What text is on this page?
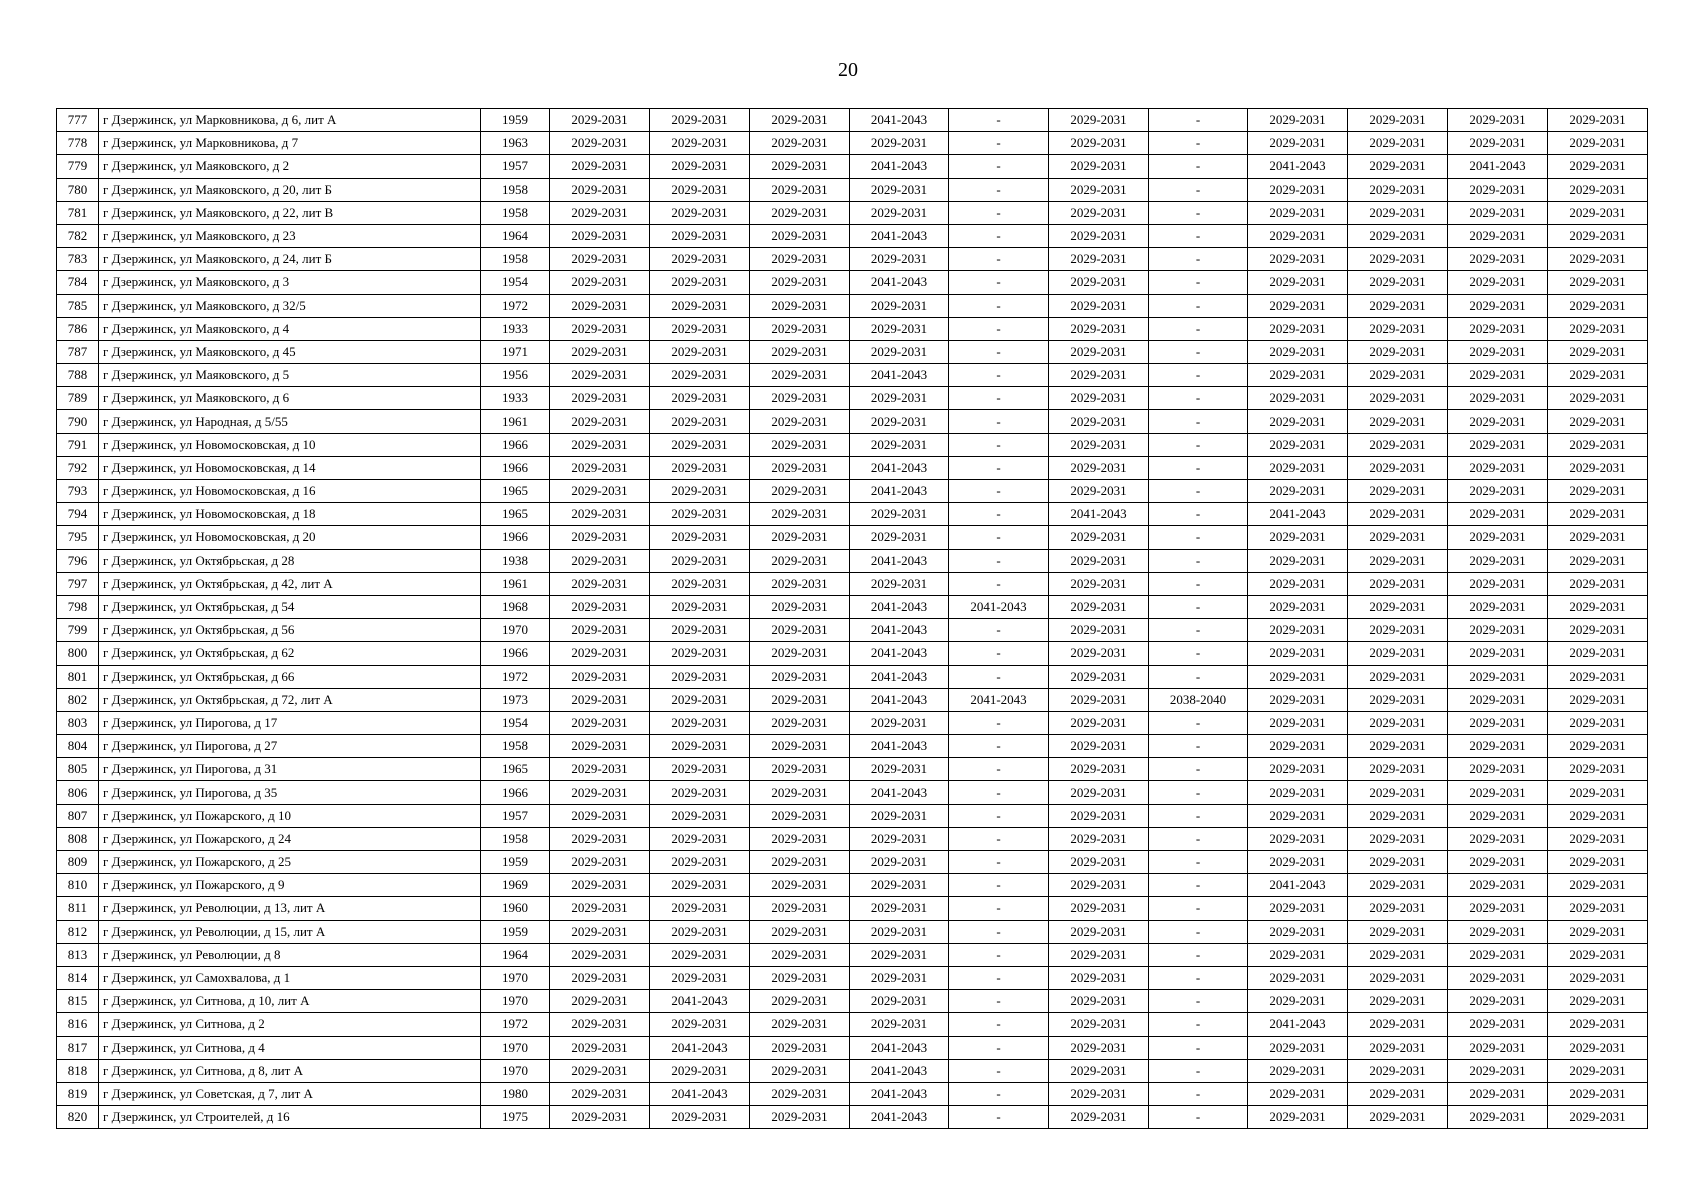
20
777	г Дзержинск, ул Марковникова, д 6, лит А	1959	2029-2031	2029-2031	2029-2031	2041-2043	-	2029-2031	-	2029-2031	2029-2031	2029-2031	2029-2031
778	г Дзержинск, ул Марковникова, д 7	1963	2029-2031	2029-2031	2029-2031	2029-2031	-	2029-2031	-	2029-2031	2029-2031	2029-2031	2029-2031
779	г Дзержинск, ул Маяковского, д 2	1957	2029-2031	2029-2031	2029-2031	2041-2043	-	2029-2031	-	2041-2043	2029-2031	2041-2043	2029-2031
780	г Дзержинск, ул Маяковского, д 20, лит Б	1958	2029-2031	2029-2031	2029-2031	2029-2031	-	2029-2031	-	2029-2031	2029-2031	2029-2031	2029-2031
781	г Дзержинск, ул Маяковского, д 22, лит В	1958	2029-2031	2029-2031	2029-2031	2029-2031	-	2029-2031	-	2029-2031	2029-2031	2029-2031	2029-2031
782	г Дзержинск, ул Маяковского, д 23	1964	2029-2031	2029-2031	2029-2031	2041-2043	-	2029-2031	-	2029-2031	2029-2031	2029-2031	2029-2031
783	г Дзержинск, ул Маяковского, д 24, лит Б	1958	2029-2031	2029-2031	2029-2031	2029-2031	-	2029-2031	-	2029-2031	2029-2031	2029-2031	2029-2031
784	г Дзержинск, ул Маяковского, д 3	1954	2029-2031	2029-2031	2029-2031	2041-2043	-	2029-2031	-	2029-2031	2029-2031	2029-2031	2029-2031
785	г Дзержинск, ул Маяковского, д 32/5	1972	2029-2031	2029-2031	2029-2031	2029-2031	-	2029-2031	-	2029-2031	2029-2031	2029-2031	2029-2031
786	г Дзержинск, ул Маяковского, д 4	1933	2029-2031	2029-2031	2029-2031	2029-2031	-	2029-2031	-	2029-2031	2029-2031	2029-2031	2029-2031
787	г Дзержинск, ул Маяковского, д 45	1971	2029-2031	2029-2031	2029-2031	2029-2031	-	2029-2031	-	2029-2031	2029-2031	2029-2031	2029-2031
788	г Дзержинск, ул Маяковского, д 5	1956	2029-2031	2029-2031	2029-2031	2041-2043	-	2029-2031	-	2029-2031	2029-2031	2029-2031	2029-2031
789	г Дзержинск, ул Маяковского, д 6	1933	2029-2031	2029-2031	2029-2031	2029-2031	-	2029-2031	-	2029-2031	2029-2031	2029-2031	2029-2031
790	г Дзержинск, ул Народная, д 5/55	1961	2029-2031	2029-2031	2029-2031	2029-2031	-	2029-2031	-	2029-2031	2029-2031	2029-2031	2029-2031
791	г Дзержинск, ул Новомосковская, д 10	1966	2029-2031	2029-2031	2029-2031	2029-2031	-	2029-2031	-	2029-2031	2029-2031	2029-2031	2029-2031
792	г Дзержинск, ул Новомосковская, д 14	1966	2029-2031	2029-2031	2029-2031	2041-2043	-	2029-2031	-	2029-2031	2029-2031	2029-2031	2029-2031
793	г Дзержинск, ул Новомосковская, д 16	1965	2029-2031	2029-2031	2029-2031	2041-2043	-	2029-2031	-	2029-2031	2029-2031	2029-2031	2029-2031
794	г Дзержинск, ул Новомосковская, д 18	1965	2029-2031	2029-2031	2029-2031	2029-2031	-	2041-2043	-	2041-2043	2029-2031	2029-2031	2029-2031
795	г Дзержинск, ул Новомосковская, д 20	1966	2029-2031	2029-2031	2029-2031	2029-2031	-	2029-2031	-	2029-2031	2029-2031	2029-2031	2029-2031
796	г Дзержинск, ул Октябрьская, д 28	1938	2029-2031	2029-2031	2029-2031	2041-2043	-	2029-2031	-	2029-2031	2029-2031	2029-2031	2029-2031
797	г Дзержинск, ул Октябрьская, д 42, лит А	1961	2029-2031	2029-2031	2029-2031	2029-2031	-	2029-2031	-	2029-2031	2029-2031	2029-2031	2029-2031
798	г Дзержинск, ул Октябрьская, д 54	1968	2029-2031	2029-2031	2029-2031	2041-2043	2041-2043	2029-2031	-	2029-2031	2029-2031	2029-2031	2029-2031
799	г Дзержинск, ул Октябрьская, д 56	1970	2029-2031	2029-2031	2029-2031	2041-2043	-	2029-2031	-	2029-2031	2029-2031	2029-2031	2029-2031
800	г Дзержинск, ул Октябрьская, д 62	1966	2029-2031	2029-2031	2029-2031	2041-2043	-	2029-2031	-	2029-2031	2029-2031	2029-2031	2029-2031
801	г Дзержинск, ул Октябрьская, д 66	1972	2029-2031	2029-2031	2029-2031	2041-2043	-	2029-2031	-	2029-2031	2029-2031	2029-2031	2029-2031
802	г Дзержинск, ул Октябрьская, д 72, лит А	1973	2029-2031	2029-2031	2029-2031	2041-2043	2041-2043	2029-2031	2038-2040	2029-2031	2029-2031	2029-2031	2029-2031
803	г Дзержинск, ул Пирогова, д 17	1954	2029-2031	2029-2031	2029-2031	2029-2031	-	2029-2031	-	2029-2031	2029-2031	2029-2031	2029-2031
804	г Дзержинск, ул Пирогова, д 27	1958	2029-2031	2029-2031	2029-2031	2041-2043	-	2029-2031	-	2029-2031	2029-2031	2029-2031	2029-2031
805	г Дзержинск, ул Пирогова, д 31	1965	2029-2031	2029-2031	2029-2031	2029-2031	-	2029-2031	-	2029-2031	2029-2031	2029-2031	2029-2031
806	г Дзержинск, ул Пирогова, д 35	1966	2029-2031	2029-2031	2029-2031	2041-2043	-	2029-2031	-	2029-2031	2029-2031	2029-2031	2029-2031
807	г Дзержинск, ул Пожарского, д 10	1957	2029-2031	2029-2031	2029-2031	2029-2031	-	2029-2031	-	2029-2031	2029-2031	2029-2031	2029-2031
808	г Дзержинск, ул Пожарского, д 24	1958	2029-2031	2029-2031	2029-2031	2029-2031	-	2029-2031	-	2029-2031	2029-2031	2029-2031	2029-2031
809	г Дзержинск, ул Пожарского, д 25	1959	2029-2031	2029-2031	2029-2031	2029-2031	-	2029-2031	-	2029-2031	2029-2031	2029-2031	2029-2031
810	г Дзержинск, ул Пожарского, д 9	1969	2029-2031	2029-2031	2029-2031	2029-2031	-	2029-2031	-	2041-2043	2029-2031	2029-2031	2029-2031
811	г Дзержинск, ул Революции, д 13, лит А	1960	2029-2031	2029-2031	2029-2031	2029-2031	-	2029-2031	-	2029-2031	2029-2031	2029-2031	2029-2031
812	г Дзержинск, ул Революции, д 15, лит А	1959	2029-2031	2029-2031	2029-2031	2029-2031	-	2029-2031	-	2029-2031	2029-2031	2029-2031	2029-2031
813	г Дзержинск, ул Революции, д 8	1964	2029-2031	2029-2031	2029-2031	2029-2031	-	2029-2031	-	2029-2031	2029-2031	2029-2031	2029-2031
814	г Дзержинск, ул Самохвалова, д 1	1970	2029-2031	2029-2031	2029-2031	2029-2031	-	2029-2031	-	2029-2031	2029-2031	2029-2031	2029-2031
815	г Дзержинск, ул Ситнова, д 10, лит А	1970	2029-2031	2041-2043	2029-2031	2029-2031	-	2029-2031	-	2029-2031	2029-2031	2029-2031	2029-2031
816	г Дзержинск, ул Ситнова, д 2	1972	2029-2031	2029-2031	2029-2031	2029-2031	-	2029-2031	-	2041-2043	2029-2031	2029-2031	2029-2031
817	г Дзержинск, ул Ситнова, д 4	1970	2029-2031	2041-2043	2029-2031	2041-2043	-	2029-2031	-	2029-2031	2029-2031	2029-2031	2029-2031
818	г Дзержинск, ул Ситнова, д 8, лит А	1970	2029-2031	2029-2031	2029-2031	2041-2043	-	2029-2031	-	2029-2031	2029-2031	2029-2031	2029-2031
819	г Дзержинск, ул Советская, д 7, лит А	1980	2029-2031	2041-2043	2029-2031	2041-2043	-	2029-2031	-	2029-2031	2029-2031	2029-2031	2029-2031
820	г Дзержинск, ул Строителей, д 16	1975	2029-2031	2029-2031	2029-2031	2041-2043	-	2029-2031	-	2029-2031	2029-2031	2029-2031	2029-2031
